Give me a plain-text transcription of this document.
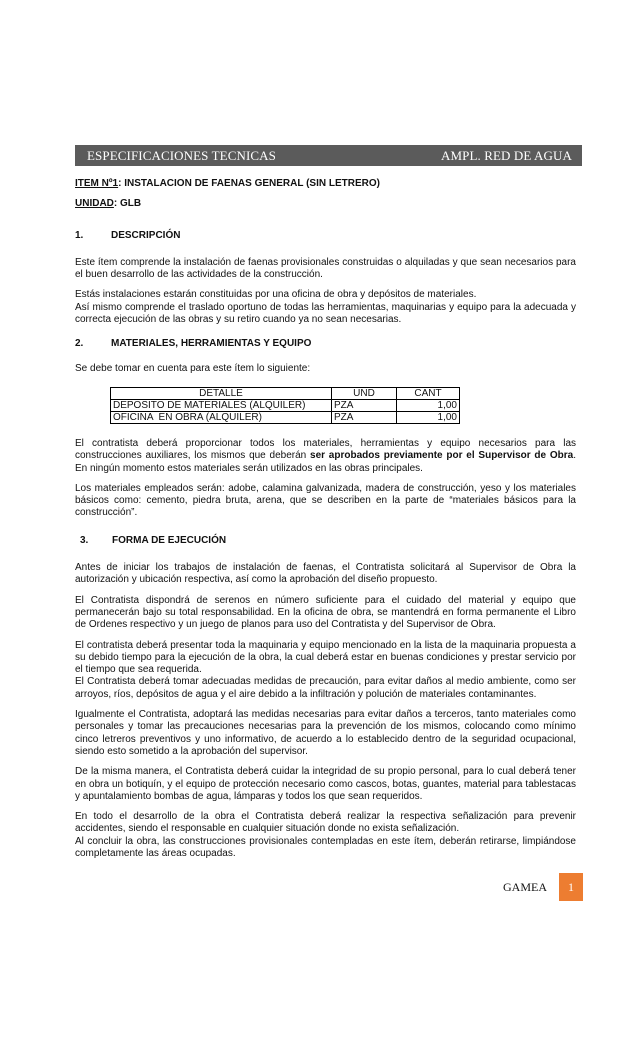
ESPECIFICACIONES TECNICAS	AMPL. RED DE AGUA

ITEM Nº1: INSTALACION DE FAENAS GENERAL (SIN LETRERO)

UNIDAD: GLB

1.	DESCRIPCIÓN

Este ítem comprende la instalación de faenas provisionales construidas o alquiladas y que sean necesarios para el buen desarrollo de las actividades de la construcción.

Estás instalaciones estarán constituidas por una oficina de obra y depósitos de materiales.

Así mismo comprende el traslado oportuno de todas las herramientas, maquinarias y equipo para la adecuada y correcta ejecución de las obras y su retiro cuando ya no sean necesarias.

2.	MATERIALES, HERRAMIENTAS Y EQUIPO

Se debe tomar en cuenta para este ítem lo siguiente:

DETALLE	UND	CANT
DEPOSITO DE MATERIALES (ALQUILER)	PZA	1,00
OFICINA  EN OBRA (ALQUILER)	PZA	1,00

El contratista deberá proporcionar todos los materiales, herramientas y equipo necesarios para las construcciones auxiliares, los mismos que deberán ser aprobados previamente por el Supervisor de Obra. En ningún momento estos materiales serán utilizados en las obras principales.

Los materiales empleados serán: adobe, calamina galvanizada, madera de construcción, yeso y los materiales básicos como: cemento, piedra bruta, arena, que se describen en la parte de “materiales básicos para la construcción”.

3.	FORMA DE EJECUCIÓN

Antes de iniciar los trabajos de instalación de faenas, el Contratista solicitará al Supervisor de Obra la autorización y ubicación respectiva, así como la aprobación del diseño propuesto.

El Contratista dispondrá de serenos en número suficiente para el cuidado del material y equipo que permanecerán bajo su total responsabilidad. En la oficina de obra, se mantendrá en forma permanente el Libro de Ordenes respectivo y un juego de planos para uso del Contratista y del Supervisor de Obra.

El contratista deberá presentar toda la maquinaria y equipo mencionado en la lista de la maquinaria propuesta a su debido tiempo para la ejecución de la obra, la cual deberá estar en buenas condiciones y prestar servicio por el tiempo que sea requerida.

El Contratista deberá tomar adecuadas medidas de precaución, para evitar daños al medio ambiente, como ser arroyos, ríos, depósitos de agua y el aire debido a la infiltración y polución de materiales contaminantes.

Igualmente el Contratista, adoptará las medidas necesarias para evitar daños a terceros, tanto materiales como personales y tomar las precauciones necesarias para la prevención de los mismos, colocando como mínimo cinco letreros preventivos y uno informativo, de acuerdo a lo establecido dentro de la seguridad ocupacional, siendo esto sometido a la aprobación del supervisor.

De la misma manera, el Contratista deberá cuidar la integridad de su propio personal, para lo cual deberá tener en obra un botiquín, y el equipo de protección necesario como cascos, botas, guantes, material para tablestacas y apuntalamiento bombas de agua, lámparas y todos los que sean requeridos.

En todo el desarrollo de la obra el Contratista deberá realizar la respectiva señalización para prevenir accidentes, siendo el responsable en cualquier situación donde no exista señalización.

Al concluir la obra, las construcciones provisionales contempladas en este ítem, deberán retirarse, limpiándose completamente las áreas ocupadas.

GAMEA	1
